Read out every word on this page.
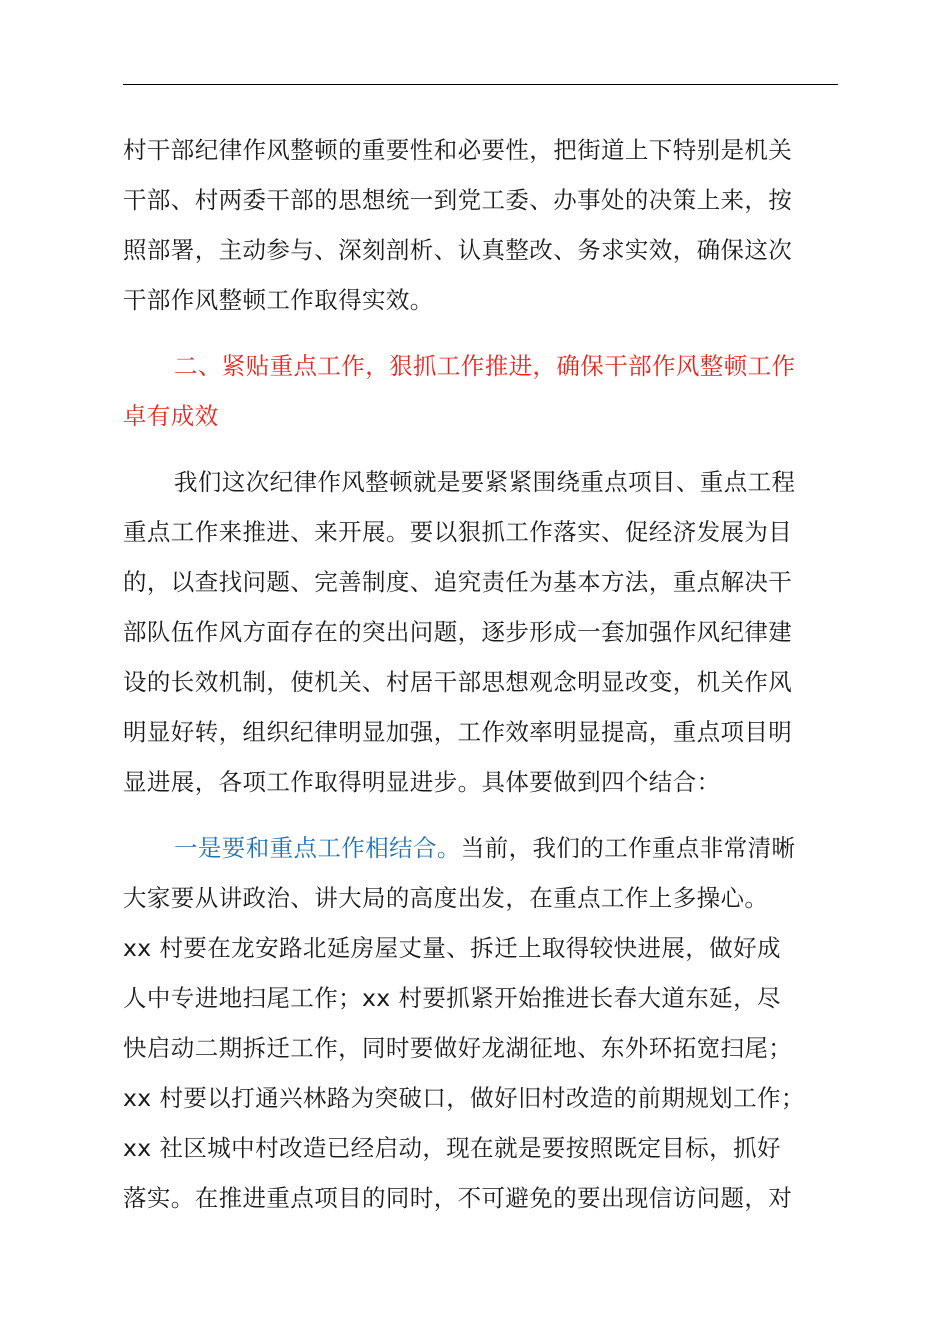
村干部纪律作风整顿的重要性和必要性，把街道上下特别是机关
干部、村两委干部的思想统一到党工委、办事处的决策上来，按
照部署，主动参与、深刻剖析、认真整改、务求实效，确保这次
干部作风整顿工作取得实效。
二、紧贴重点工作，狠抓工作推进，确保干部作风整顿工作
卓有成效
我们这次纪律作风整顿就是要紧紧围绕重点项目、重点工程
重点工作来推进、来开展。要以狠抓工作落实、促经济发展为目
的，以查找问题、完善制度、追究责任为基本方法，重点解决干
部队伍作风方面存在的突出问题，逐步形成一套加强作风纪律建
设的长效机制，使机关、村居干部思想观念明显改变，机关作风
明显好转，组织纪律明显加强，工作效率明显提高，重点项目明
显进展，各项工作取得明显进步。具体要做到四个结合：
一是要和重点工作相结合。当前，我们的工作重点非常清晰
大家要从讲政治、讲大局的高度出发，在重点工作上多操心。
xx 村要在龙安路北延房屋丈量、拆迁上取得较快进展，做好成
人中专进地扫尾工作；xx 村要抓紧开始推进长春大道东延，尽
快启动二期拆迁工作，同时要做好龙湖征地、东外环拓宽扫尾；
xx 村要以打通兴林路为突破口，做好旧村改造的前期规划工作；
xx 社区城中村改造已经启动，现在就是要按照既定目标，抓好
落实。在推进重点项目的同时，不可避免的要出现信访问题，对
